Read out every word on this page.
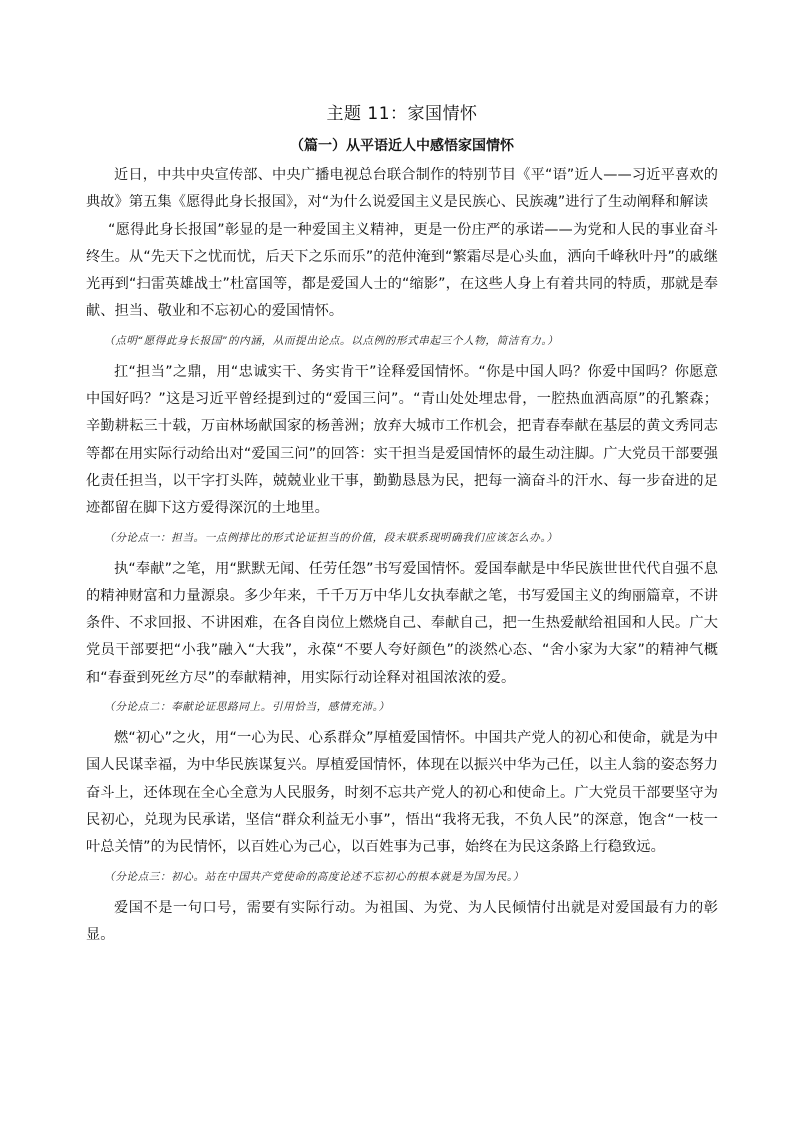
主题 11：家国情怀
（篇一）从平语近人中感悟家国情怀

近日，中共中央宣传部、中央广播电视总台联合制作的特别节目《平“语”近人——习近平喜欢的典故》第五集《愿得此身长报国》，对“为什么说爱国主义是民族心、民族魂”进行了生动阐释和解读

“愿得此身长报国”彰显的是一种爱国主义精神，更是一份庄严的承诺——为党和人民的事业奋斗终生。从“先天下之忧而忧，后天下之乐而乐”的范仲淹到“繁霜尽是心头血，洒向千峰秋叶丹”的戚继光再到“扫雷英雄战士”杜富国等，都是爱国人士的“缩影”，在这些人身上有着共同的特质，那就是奉献、担当、敬业和不忘初心的爱国情怀。

（点明“愿得此身长报国”的内涵，从而提出论点。以点例的形式串起三个人物，简洁有力。）

扛“担当”之鼎，用“忠诚实干、务实肯干”诠释爱国情怀。“你是中国人吗？你爱中国吗？你愿意中国好吗？”这是习近平曾经提到过的“爱国三问”。“青山处处埋忠骨，一腔热血洒高原”的孔繁森；辛勤耕耘三十载，万亩林场献国家的杨善洲；放弃大城市工作机会，把青春奉献在基层的黄文秀同志等都在用实际行动给出对“爱国三问”的回答：实干担当是爱国情怀的最生动注脚。广大党员干部要强化责任担当，以干字打头阵，兢兢业业干事，勤勤恳恳为民，把每一滴奋斗的汗水、每一步奋进的足迹都留在脚下这方爱得深沉的土地里。

（分论点一：担当。一点例排比的形式论证担当的价值，段末联系现明确我们应该怎么办。）

执“奉献”之笔，用“默默无闻、任劳任怨”书写爱国情怀。爱国奉献是中华民族世世代代自强不息的精神财富和力量源泉。多少年来，千千万万中华儿女执奉献之笔，书写爱国主义的绚丽篇章，不讲条件、不求回报、不讲困难，在各自岗位上燃烧自己、奉献自己，把一生热爱献给祖国和人民。广大党员干部要把“小我”融入“大我”，永葆“不要人夸好颜色”的淡然心态、“舍小家为大家”的精神气概和“春蚕到死丝方尽”的奉献精神，用实际行动诠释对祖国浓浓的爱。

（分论点二：奉献论证思路同上。引用恰当，感情充沛。）

燃“初心”之火，用“一心为民、心系群众”厚植爱国情怀。中国共产党人的初心和使命，就是为中国人民谋幸福，为中华民族谋复兴。厚植爱国情怀，体现在以振兴中华为己任，以主人翁的姿态努力奋斗上，还体现在全心全意为人民服务，时刻不忘共产党人的初心和使命上。广大党员干部要坚守为民初心，兑现为民承诺，坚信“群众利益无小事”，悟出“我将无我，不负人民”的深意，饱含“一枝一叶总关情”的为民情怀，以百姓心为己心，以百姓事为己事，始终在为民这条路上行稳致远。

（分论点三：初心。站在中国共产党使命的高度论述不忘初心的根本就是为国为民。）

爱国不是一句口号，需要有实际行动。为祖国、为党、为人民倾情付出就是对爱国最有力的彰显。
